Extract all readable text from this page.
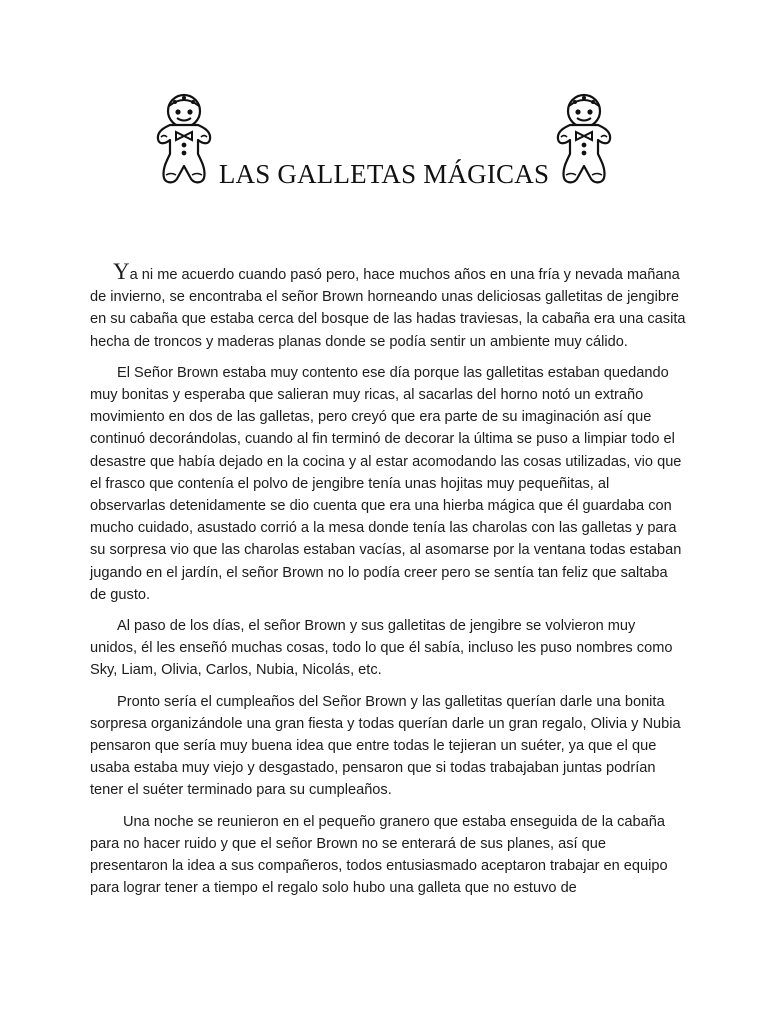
LAS GALLETAS MÁGICAS

Ya ni me acuerdo cuando pasó pero, hace muchos años en una fría y nevada mañana de invierno, se encontraba el señor Brown horneando unas deliciosas galletitas de jengibre en su cabaña que estaba cerca del bosque de las hadas traviesas, la cabaña era una casita hecha de troncos y maderas planas donde se podía sentir un ambiente muy cálido.

El Señor Brown estaba muy contento ese día porque las galletitas estaban quedando muy bonitas y esperaba que salieran muy ricas, al sacarlas del horno notó un extraño movimiento en dos de las galletas, pero creyó que era parte de su imaginación así que continuó decorándolas, cuando al fin terminó de decorar la última se puso a limpiar todo el desastre que había dejado en la cocina y al estar acomodando las cosas utilizadas, vio que el frasco que contenía el polvo de jengibre tenía unas hojitas muy pequeñitas, al observarlas detenidamente se dio cuenta que era una hierba mágica que él guardaba con mucho cuidado, asustado corrió a la mesa donde tenía las charolas con las galletas y para su sorpresa vio que las charolas estaban vacías, al asomarse por la ventana todas estaban jugando en el jardín, el señor Brown no lo podía creer pero se sentía tan feliz que saltaba de gusto.

Al paso de los días, el señor Brown y sus galletitas de jengibre se volvieron muy unidos, él les enseñó muchas cosas, todo lo que él sabía, incluso les puso nombres como Sky, Liam, Olivia, Carlos, Nubia, Nicolás, etc.

Pronto sería el cumpleaños del Señor Brown y las galletitas querían darle una bonita sorpresa organizándole una gran fiesta y todas querían darle un gran regalo, Olivia y Nubia pensaron que sería muy buena idea que entre todas le tejieran un suéter, ya que el que usaba estaba muy viejo y desgastado, pensaron que si todas trabajaban juntas podrían tener el suéter terminado para su cumpleaños.

Una noche se reunieron en el pequeño granero que estaba enseguida de la cabaña para no hacer ruido y que el señor Brown no se enterará de sus planes, así que presentaron la idea a sus compañeros, todos entusiasmado aceptaron trabajar en equipo para lograr tener a tiempo el regalo solo hubo una galleta que no estuvo de
